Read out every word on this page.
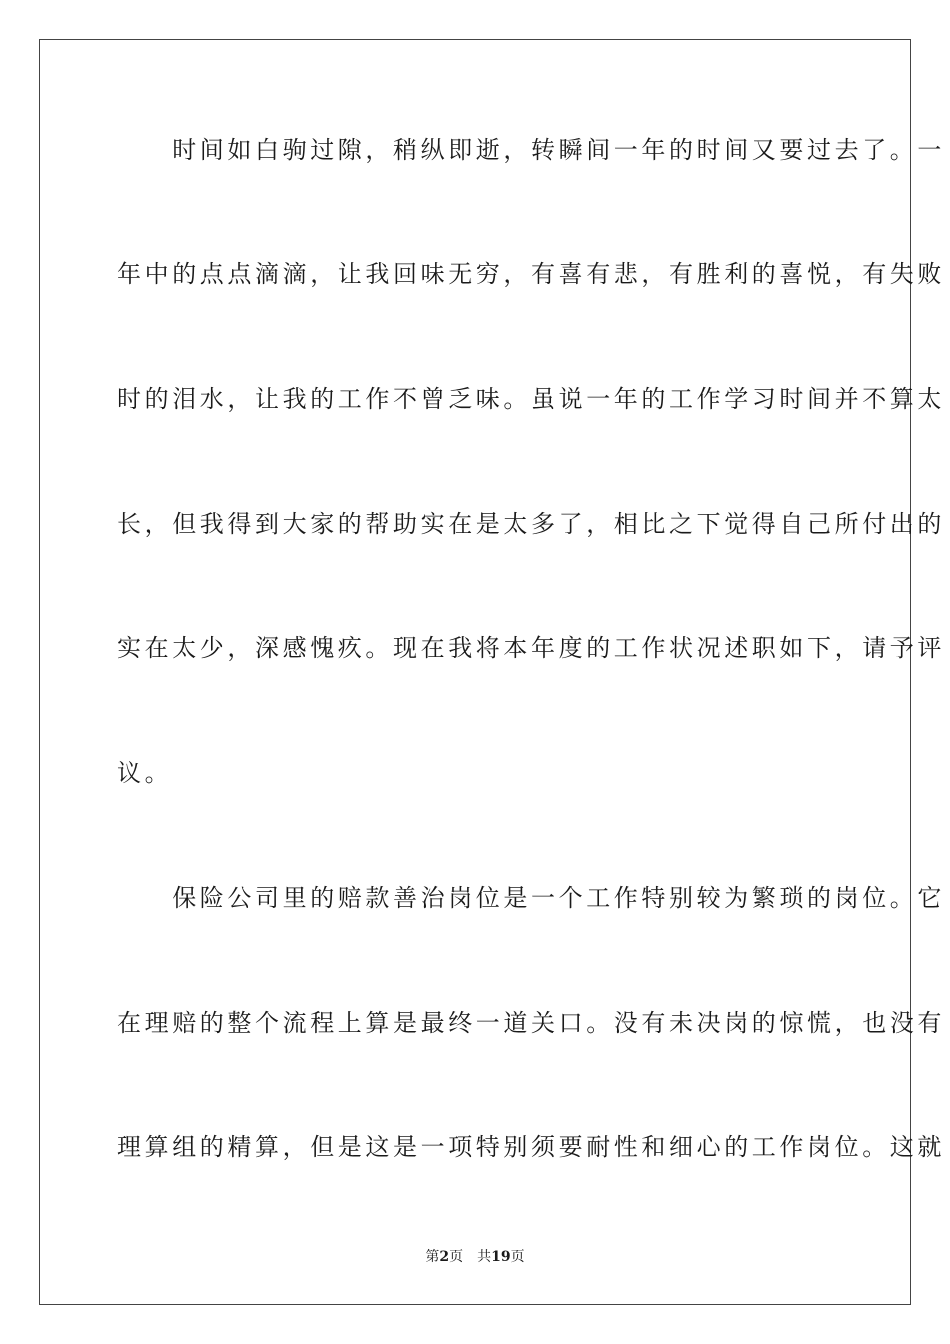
　　时间如白驹过隙，稍纵即逝，转瞬间一年的时间又要过去了。一
年中的点点滴滴，让我回味无穷，有喜有悲，有胜利的喜悦，有失败
时的泪水，让我的工作不曾乏味。虽说一年的工作学习时间并不算太
长，但我得到大家的帮助实在是太多了，相比之下觉得自己所付出的
实在太少，深感愧疚。现在我将本年度的工作状况述职如下，请予评
议。
　　保险公司里的赔款善治岗位是一个工作特别较为繁琐的岗位。它
在理赔的整个流程上算是最终一道关口。没有未决岗的惊慌，也没有
理算组的精算，但是这是一项特别须要耐性和细心的工作岗位。这就
第2页　 共19页
